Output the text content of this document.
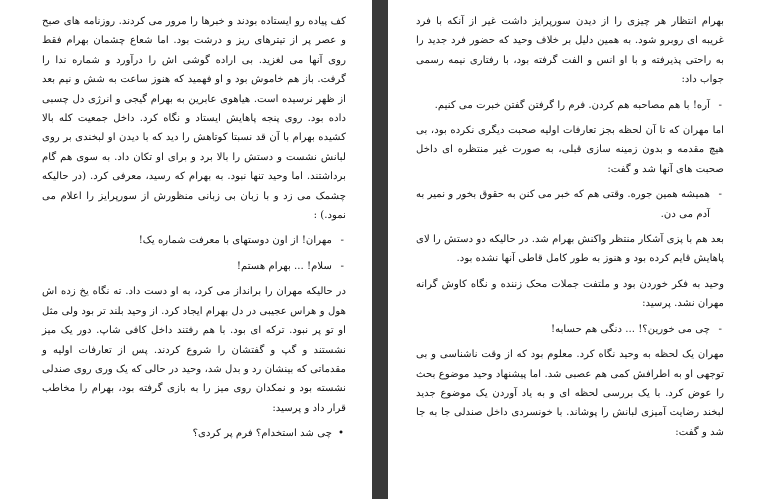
کف پیاده رو ایستاده بودند و خبرها را مرور می کردند. روزنامه های صبح و عصر پر از تیترهای ریز و درشت بود. اما شعاع چشمان بهرام فقط روی آنها می لغزید. بی اراده گوشی اش را درآورد و شماره ندا را گرفت. باز هم خاموش بود و او فهمید که هنوز ساعت به شش و نیم بعد از ظهر نرسیده است. هیاهوی عابرین به بهرام گیجی و انرژی دل چسبی داده بود. روی پنجه پاهایش ایستاد و نگاه کرد. داخل جمعیت کله بالا کشیده بهرام با آن قد نسبتا کوتاهش را دید که با دیدن او لبخندی بر روی لبانش نشست و دستش را بالا برد و برای او تکان داد. به سوی هم گام برداشتند. اما وحید تنها نبود. به بهرام که رسید، معرفی کرد. (در حالیکه چشمک می زد و با زبان بی زبانی منظورش از سورپرایز را اعلام می نمود.) :

- مهران! از اون دوستهای با معرفت شماره یک!

- سلام! ... بهرام هستم!

در حالیکه مهران را برانداز می کرد، به او دست داد. ته نگاه یخ زده اش هول و هراس عجیبی در دل بهرام ایجاد کرد. از وحید بلند تر بود ولی مثل او تو پر نبود. ترکه ای بود. با هم رفتند داخل کافی شاپ. دور یک میز نشستند و گپ و گفتشان را شروع کردند. پس از تعارفات اولیه و مقدماتی که بینشان رد و بدل شد، وحید در حالی که یک وری روی صندلی نشسته بود و نمکدان روی میز را به بازی گرفته بود، بهرام را مخاطب قرار داد و پرسید:

• چی شد استخدام؟ فرم پر کردی؟

بهرام انتظار هر چیزی را از دیدن سورپرایز داشت غیر از آنکه با فرد غریبه ای روبرو شود. به همین دلیل بر خلاف وحید که حضور فرد جدید را به راحتی پذیرفته و با او انس و الفت گرفته بود، با رفتاری نیمه رسمی جواب داد:

- آره! با هم مصاحبه هم کردن. فرم را گرفتن گفتن خبرت می کنیم.

اما مهران که تا آن لحظه بجز تعارفات اولیه صحبت دیگری نکرده بود، بی هیچ مقدمه و بدون زمینه سازی قبلی، به صورت غیر منتظره ای داخل صحبت های آنها شد و گفت:

- همیشه همین جوره. وقتی هم که خبر می کنن به حقوق بخور و نمیر به آدم می دن.

بعد هم با پزی آشکار منتظر واکنش بهرام شد. در حالیکه دو دستش را لای پاهایش قایم کرده بود و هنوز به طور کامل قاطی آنها نشده بود.

وحید به فکر خوردن بود و ملتفت جملات محک زننده و نگاه کاوش گرانه مهران نشد. پرسید:

- چی می خورین؟! ... دنگی هم حسابه!

مهران یک لحظه به وحید نگاه کرد. معلوم بود که از وقت ناشناسی و بی توجهی او به اطرافش کمی هم عصبی شد. اما پیشنهاد وحید موضوع بحث را عوض کرد. با یک بررسی لحظه ای و به یاد آوردن یک موضوع جدید لبخند رضایت آمیزی لبانش را پوشاند. با خونسردی داخل صندلی جا به جا شد و گفت:
